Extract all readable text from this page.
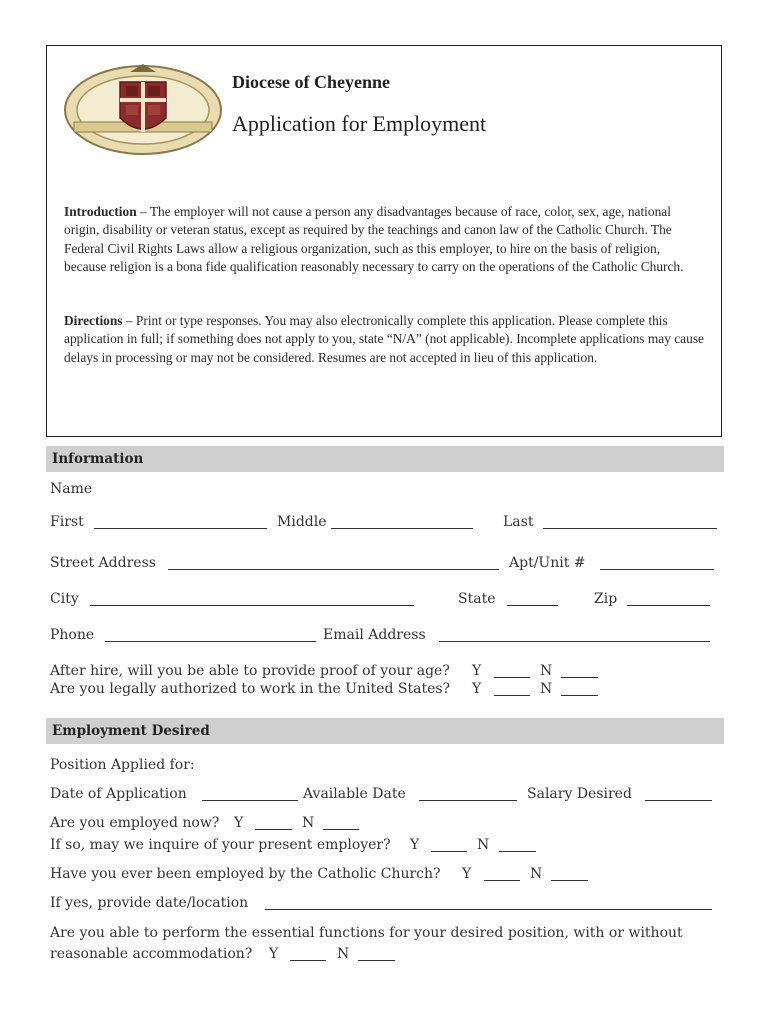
Diocese of Cheyenne
Application for Employment
Introduction – The employer will not cause a person any disadvantages because of race, color, sex, age, national origin, disability or veteran status, except as required by the teachings and canon law of the Catholic Church. The Federal Civil Rights Laws allow a religious organization, such as this employer, to hire on the basis of religion, because religion is a bona fide qualification reasonably necessary to carry on the operations of the Catholic Church.
Directions – Print or type responses. You may also electronically complete this application. Please complete this application in full; if something does not apply to you, state “N/A” (not applicable). Incomplete applications may cause delays in processing or may not be considered. Resumes are not accepted in lieu of this application.
Information
Name
First	Middle	Last
Street Address	Apt/Unit #
City	State	Zip
Phone	Email Address
After hire, will you be able to provide proof of your age? Y	N
Are you legally authorized to work in the United States? Y	N
Employment Desired
Position Applied for:
Date of Application	Available Date	Salary Desired
Are you employed now? Y	N
If so, may we inquire of your present employer? Y	N
Have you ever been employed by the Catholic Church? Y	N
If yes, provide date/location
Are you able to perform the essential functions for your desired position, with or without
reasonable accommodation? Y	N
